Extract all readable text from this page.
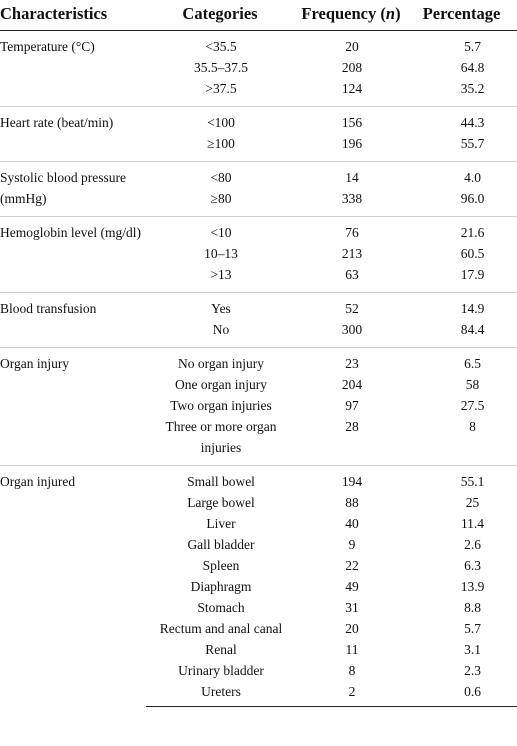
Characteristics	Categories	Frequency (n)	Percentage
Temperature (°C)	<35.5	20	5.7
	35.5–37.5	208	64.8
	>37.5	124	35.2
Heart rate (beat/min)	<100	156	44.3
	≥100	196	55.7
Systolic blood pressure (mmHg)	<80	14	4.0
	≥80	338	96.0
Hemoglobin level (mg/dl)	<10	76	21.6
	10–13	213	60.5
	>13	63	17.9
Blood transfusion	Yes	52	14.9
	No	300	84.4
Organ injury	No organ injury	23	6.5
	One organ injury	204	58
	Two organ injuries	97	27.5
	Three or more organ injuries	28	8
Organ injured	Small bowel	194	55.1
	Large bowel	88	25
	Liver	40	11.4
	Gall bladder	9	2.6
	Spleen	22	6.3
	Diaphragm	49	13.9
	Stomach	31	8.8
	Rectum and anal canal	20	5.7
	Renal	11	3.1
	Urinary bladder	8	2.3
	Ureters	2	0.6
